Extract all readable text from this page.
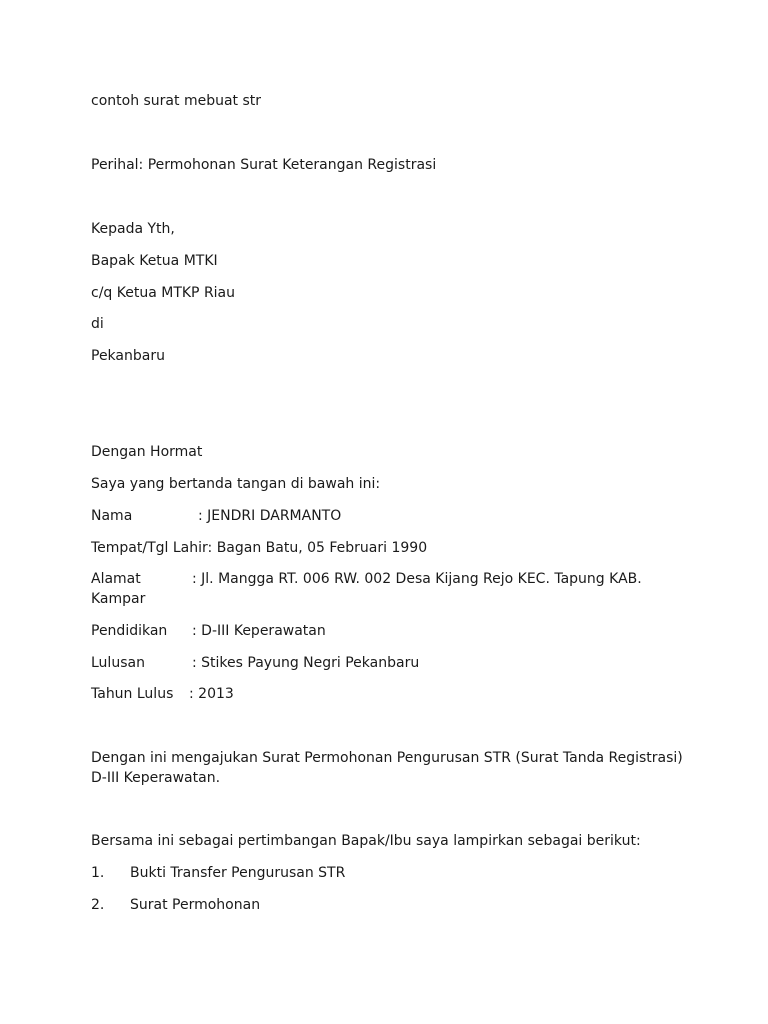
contoh surat mebuat str
Perihal: Permohonan Surat Keterangan Registrasi
Kepada Yth,
Bapak Ketua MTKI
c/q Ketua MTKP Riau
di
Pekanbaru
Dengan Hormat
Saya yang bertanda tangan di bawah ini:
Nama	: JENDRI DARMANTO
Tempat/Tgl Lahir: Bagan Batu, 05 Februari 1990
Alamat	: Jl. Mangga RT. 006 RW. 002 Desa Kijang Rejo KEC. Tapung KAB.
Kampar
Pendidikan : D-III Keperawatan
Lulusan	: Stikes Payung Negri Pekanbaru
Tahun Lulus : 2013
Dengan ini mengajukan Surat Permohonan Pengurusan STR (Surat Tanda Registrasi)
D-III Keperawatan.
Bersama ini sebagai pertimbangan Bapak/Ibu saya lampirkan sebagai berikut:
1. Bukti Transfer Pengurusan STR
2. Surat Permohonan
